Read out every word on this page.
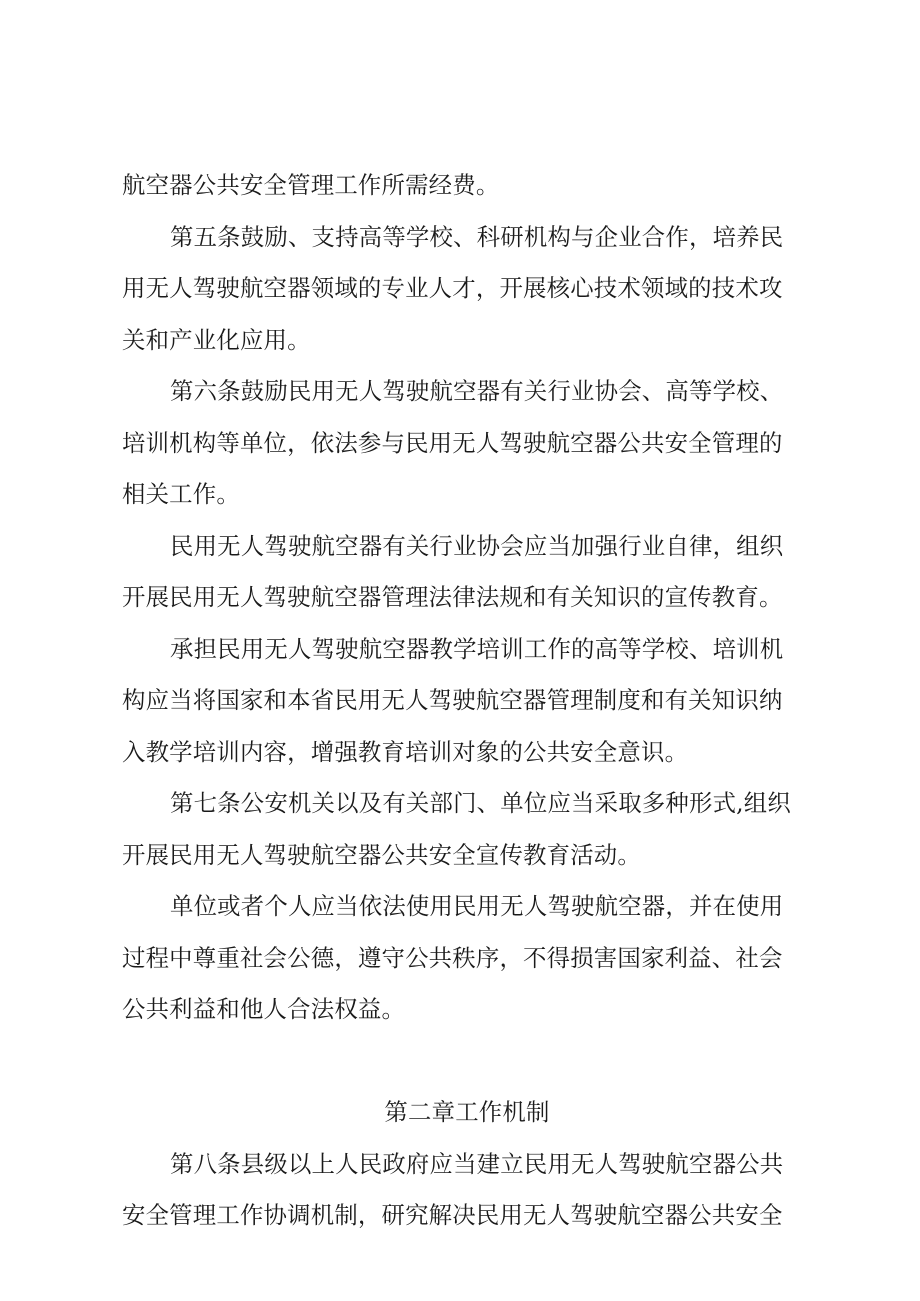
航空器公共安全管理工作所需经费。
第五条鼓励、支持高等学校、科研机构与企业合作，培养民
用无人驾驶航空器领域的专业人才，开展核心技术领域的技术攻
关和产业化应用。
第六条鼓励民用无人驾驶航空器有关行业协会、高等学校、
培训机构等单位，依法参与民用无人驾驶航空器公共安全管理的
相关工作。
民用无人驾驶航空器有关行业协会应当加强行业自律，组织
开展民用无人驾驶航空器管理法律法规和有关知识的宣传教育。
承担民用无人驾驶航空器教学培训工作的高等学校、培训机
构应当将国家和本省民用无人驾驶航空器管理制度和有关知识纳
入教学培训内容，增强教育培训对象的公共安全意识。
第七条公安机关以及有关部门、单位应当采取多种形式,组织
开展民用无人驾驶航空器公共安全宣传教育活动。
单位或者个人应当依法使用民用无人驾驶航空器，并在使用
过程中尊重社会公德，遵守公共秩序，不得损害国家利益、社会
公共利益和他人合法权益。
第二章工作机制
第八条县级以上人民政府应当建立民用无人驾驶航空器公共
安全管理工作协调机制，研究解决民用无人驾驶航空器公共安全
